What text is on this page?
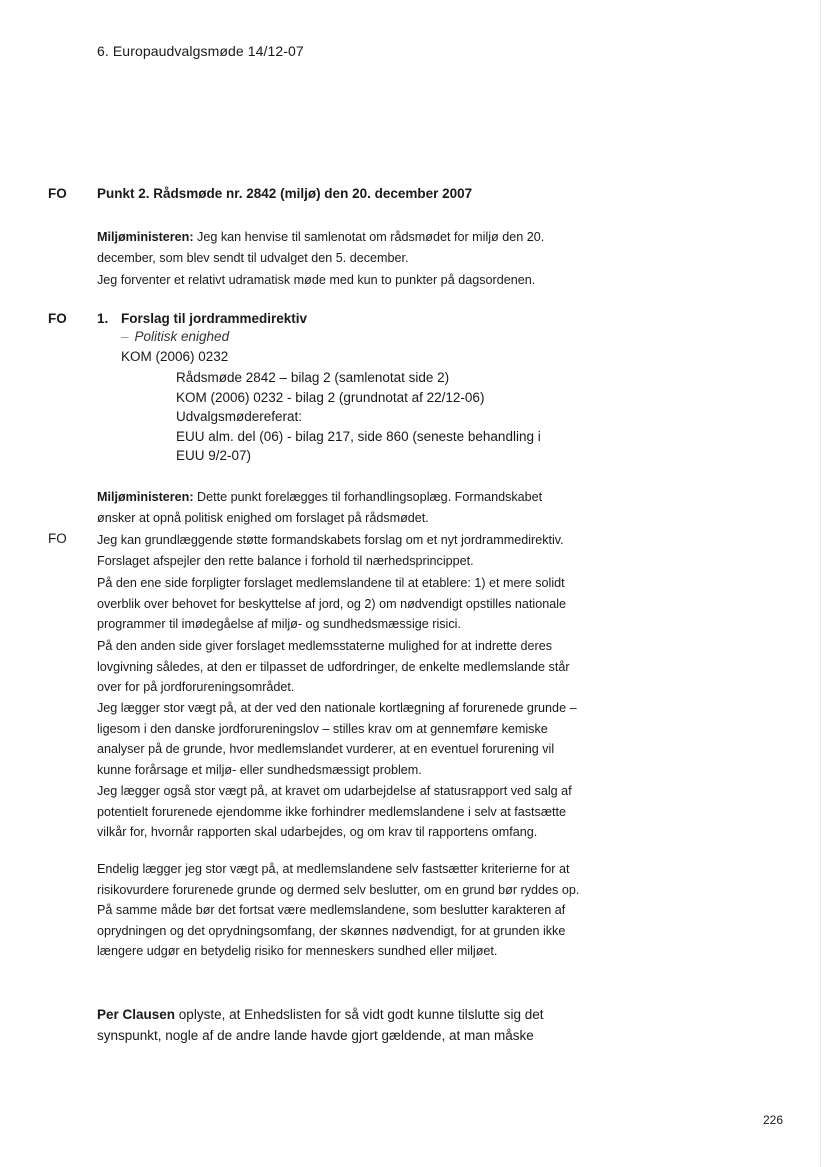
6. Europaudvalgsmøde 14/12-07
FO Punkt 2. Rådsmøde nr. 2842 (miljø) den 20. december 2007

Miljøministeren: Jeg kan henvise til samlenotat om rådsmødet for miljø den 20. december, som blev sendt til udvalget den 5. december.

Jeg forventer et relativt udramatisk møde med kun to punkter på dagsordenen.

FO 1. Forslag til jordrammedirektiv
– Politisk enighed
KOM (2006) 0232
Rådsmøde 2842 – bilag 2 (samlenotat side 2)
KOM (2006) 0232 - bilag 2 (grundnotat af 22/12-06)
Udvalgsmødereferat:
EUU alm. del (06) - bilag 217, side 860 (seneste behandling i
EUU 9/2-07)

Miljøministeren: Dette punkt forelægges til forhandlingsoplæg. Formandskabet ønsker at opnå politisk enighed om forslaget på rådsmødet.

FO Jeg kan grundlæggende støtte formandskabets forslag om et nyt jordrammedirektiv. Forslaget afspejler den rette balance i forhold til nærhedsprincippet.

På den ene side forpligter forslaget medlemslandene til at etablere: 1) et mere solidt overblik over behovet for beskyttelse af jord, og 2) om nødvendigt opstilles nationale programmer til imødegåelse af miljø- og sundhedsmæssige risici.

På den anden side giver forslaget medlemsstaterne mulighed for at indrette deres lovgivning således, at den er tilpasset de udfordringer, de enkelte medlemslande står over for på jordforureningsområdet.

Jeg lægger stor vægt på, at der ved den nationale kortlægning af forurenede grunde – ligesom i den danske jordforureningslov – stilles krav om at gennemføre kemiske analyser på de grunde, hvor medlemslandet vurderer, at en eventuel forurening vil kunne forårsage et miljø- eller sundhedsmæssigt problem.

Jeg lægger også stor vægt på, at kravet om udarbejdelse af statusrapport ved salg af potentielt forurenede ejendomme ikke forhindrer medlemslandene i selv at fastsætte vilkår for, hvornår rapporten skal udarbejdes, og om krav til rapportens omfang.

Endelig lægger jeg stor vægt på, at medlemslandene selv fastsætter kriterierne for at risikovurdere forurenede grunde og dermed selv beslutter, om en grund bør ryddes op. På samme måde bør det fortsat være medlemslandene, som beslutter karakteren af oprydningen og det oprydningsomfang, der skønnes nødvendigt, for at grunden ikke længere udgør en betydelig risiko for menneskers sundhed eller miljøet.

Per Clausen oplyste, at Enhedslisten for så vidt godt kunne tilslutte sig det synspunkt, nogle af de andre lande havde gjort gældende, at man måske

226
